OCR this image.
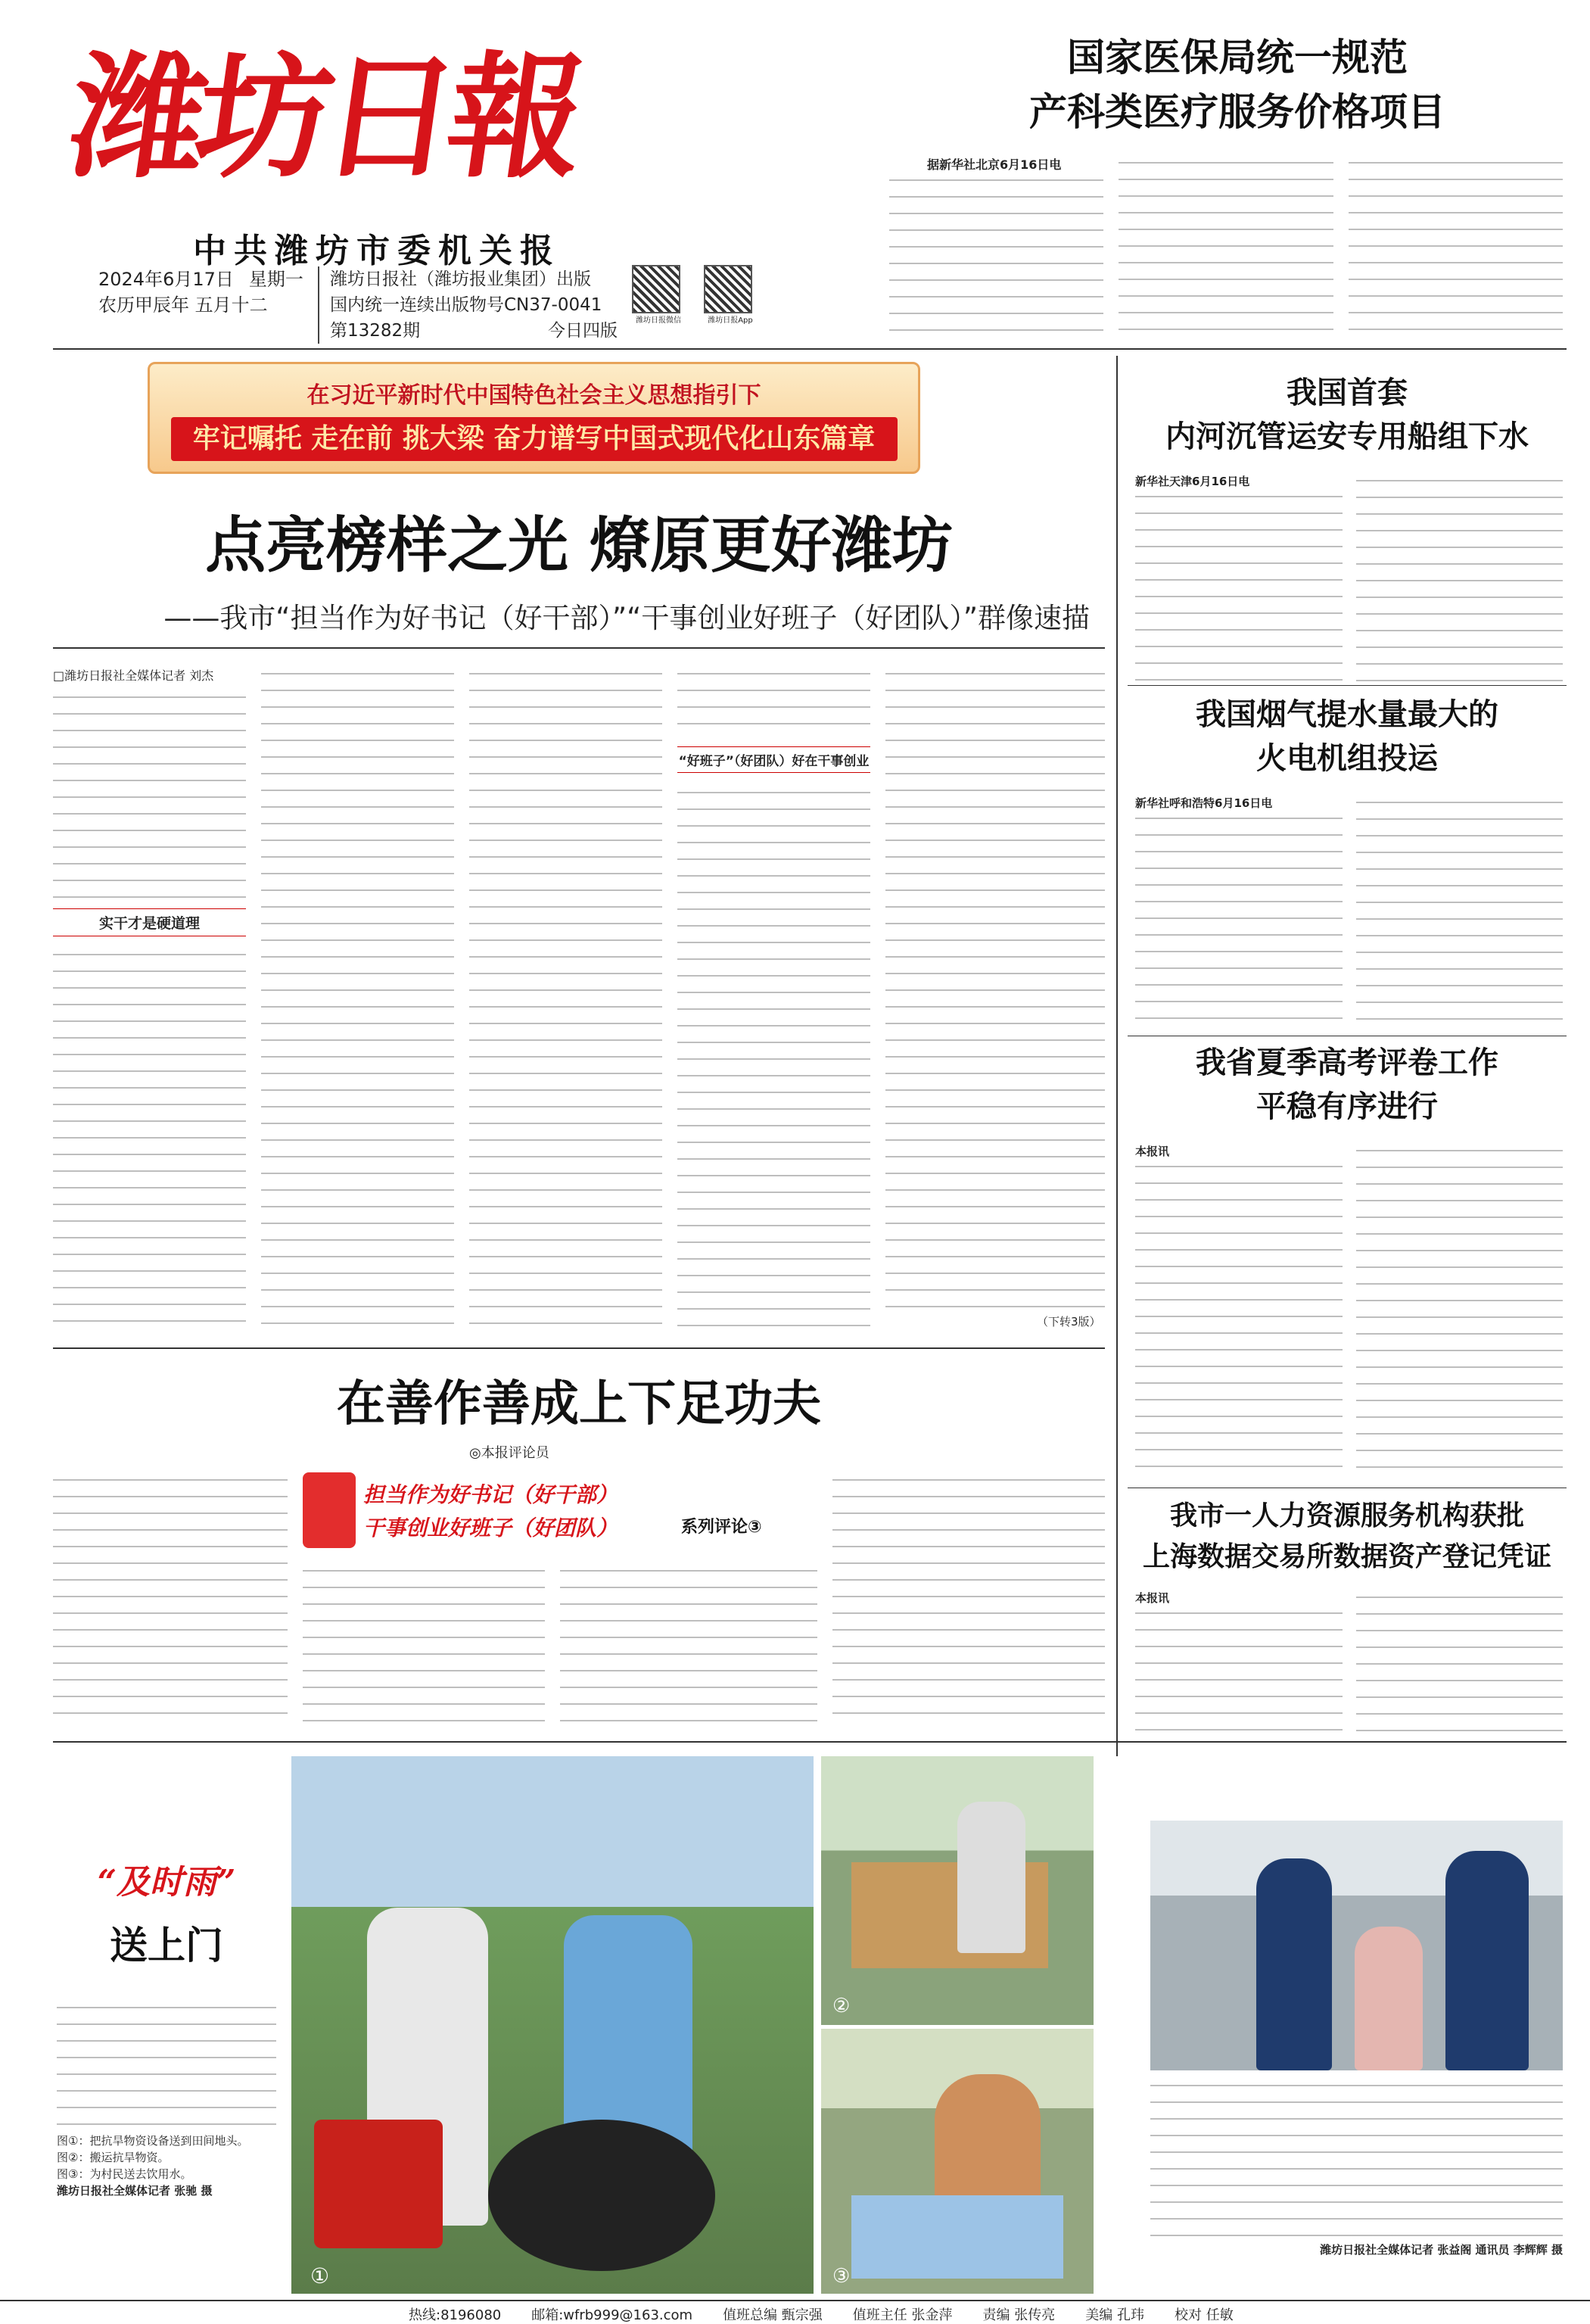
潍坊日報
中共潍坊市委机关报
2024年6月17日 星期一
农历甲辰年 五月十二
潍坊日报社（潍坊报业集团）出版
国内统一连续出版物号CN37-0041
第13282期	今日四版
潍坊日报微信	潍坊日报App
国家医保局统一规范
产科类医疗服务价格项目
据新华社北京6月16日电
在习近平新时代中国特色社会主义思想指引下
牢记嘱托 走在前 挑大梁 奋力谱写中国式现代化山东篇章
点亮榜样之光 燎原更好潍坊
——我市“担当作为好书记（好干部）”“干事创业好班子（好团队）”群像速描
□潍坊日报社全媒体记者 刘杰
实干才是硬道理
“好班子”（好团队）好在干事创业
（下转3版）
在善作善成上下足功夫
◎本报评论员
担当作为好书记（好干部）
干事创业好班子（好团队）	系列评论③
我国首套
内河沉管运安专用船组下水
新华社天津6月16日电
我国烟气提水量最大的
火电机组投运
新华社呼和浩特6月16日电
我省夏季高考评卷工作
平稳有序进行
本报讯
我市一人力资源服务机构获批
上海数据交易所数据资产登记凭证
本报讯
“及时雨”
送上门
图①：把抗旱物资设备送到田间地头。
图②：搬运抗旱物资。
图③：为村民送去饮用水。
潍坊日报社全媒体记者 张驰 摄
①
②
③
潍坊日报社全媒体记者 张益阁 通讯员 李辉辉 摄
热线:8196080 邮箱:wfrb999@163.com 值班总编 甄宗强 值班主任 张金萍 责编 张传亮 美编 孔玮 校对 任敏
